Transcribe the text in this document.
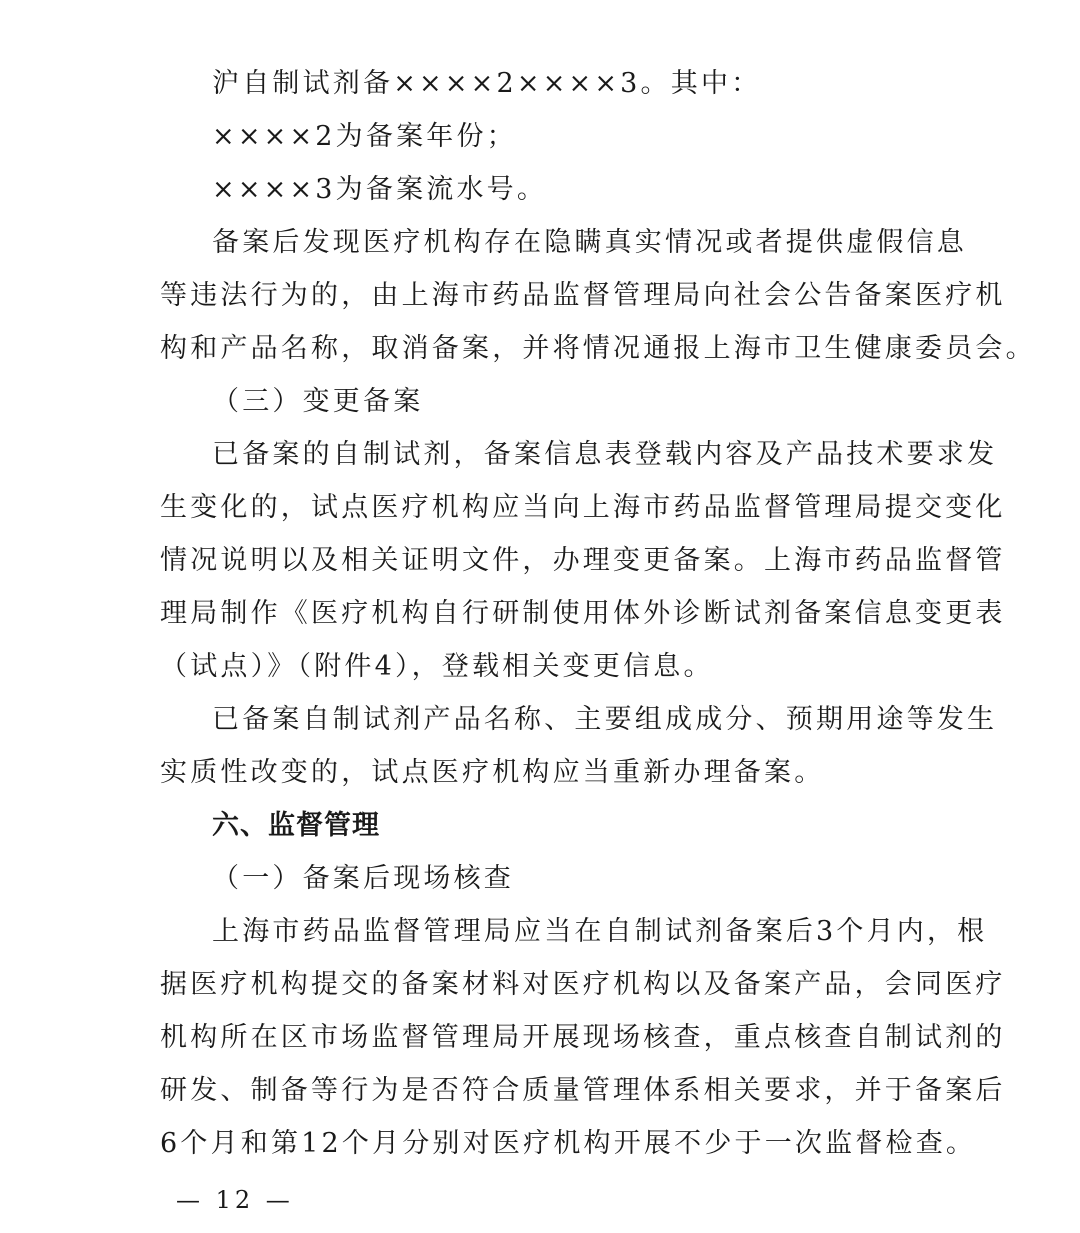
沪自制试剂备××××2××××3。其中：
××××2为备案年份；
××××3为备案流水号。
备案后发现医疗机构存在隐瞒真实情况或者提供虚假信息
等违法行为的，由上海市药品监督管理局向社会公告备案医疗机
构和产品名称，取消备案，并将情况通报上海市卫生健康委员会。
（三）变更备案
已备案的自制试剂，备案信息表登载内容及产品技术要求发
生变化的，试点医疗机构应当向上海市药品监督管理局提交变化
情况说明以及相关证明文件，办理变更备案。上海市药品监督管
理局制作《医疗机构自行研制使用体外诊断试剂备案信息变更表
（试点）》（附件4），登载相关变更信息。
已备案自制试剂产品名称、主要组成成分、预期用途等发生
实质性改变的，试点医疗机构应当重新办理备案。
六、监督管理
（一）备案后现场核查
上海市药品监督管理局应当在自制试剂备案后3个月内，根
据医疗机构提交的备案材料对医疗机构以及备案产品，会同医疗
机构所在区市场监督管理局开展现场核查，重点核查自制试剂的
研发、制备等行为是否符合质量管理体系相关要求，并于备案后
6个月和第12个月分别对医疗机构开展不少于一次监督检查。
— 12 —
